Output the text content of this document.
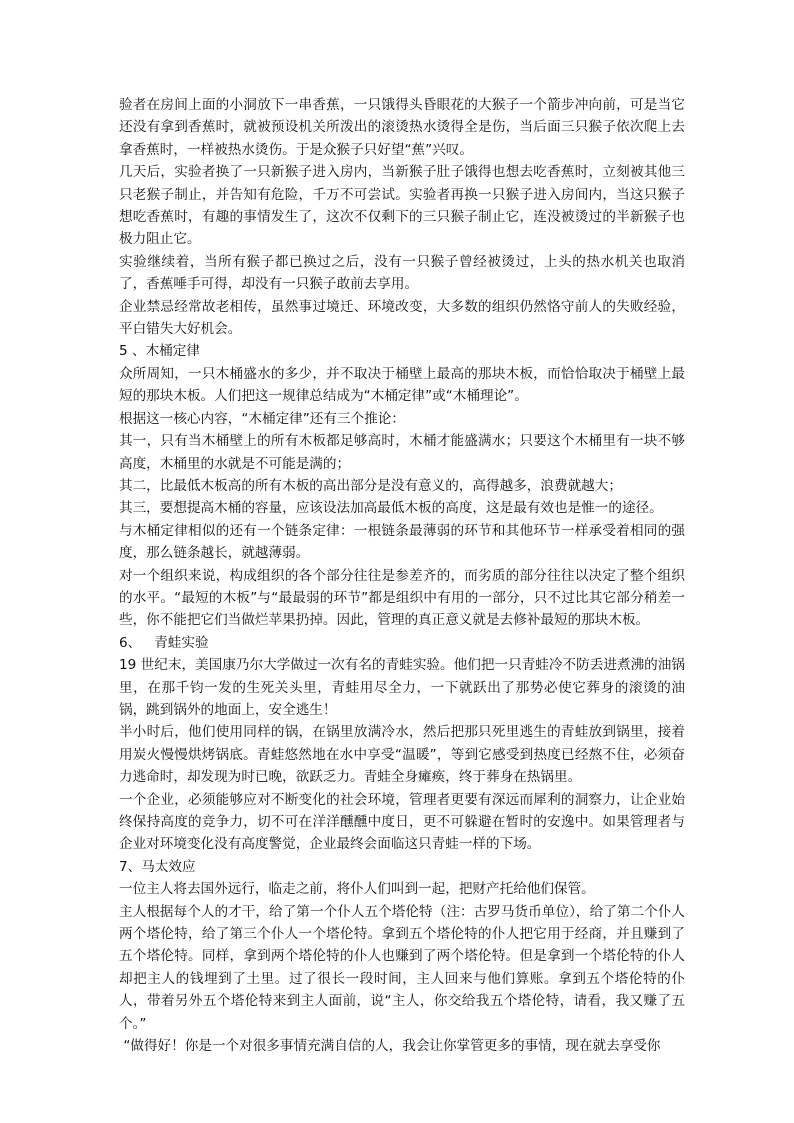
验者在房间上面的小洞放下一串香蕉，一只饿得头昏眼花的大猴子一个箭步冲向前，可是当它还没有拿到香蕉时，就被预设机关所泼出的滚烫热水烫得全是伤，当后面三只猴子依次爬上去拿香蕉时，一样被热水烫伤。于是众猴子只好望“蕉”兴叹。

几天后，实验者换了一只新猴子进入房内，当新猴子肚子饿得也想去吃香蕉时，立刻被其他三只老猴子制止，并告知有危险，千万不可尝试。实验者再换一只猴子进入房间内，当这只猴子想吃香蕉时，有趣的事情发生了，这次不仅剩下的三只猴子制止它，连没被烫过的半新猴子也极力阻止它。

实验继续着，当所有猴子都已换过之后，没有一只猴子曾经被烫过，上头的热水机关也取消了，香蕉唾手可得，却没有一只猴子敢前去享用。

企业禁忌经常故老相传，虽然事过境迁、环境改变，大多数的组织仍然恪守前人的失败经验，平白错失大好机会。

5 、木桶定律

众所周知，一只木桶盛水的多少，并不取决于桶壁上最高的那块木板，而恰恰取决于桶壁上最短的那块木板。人们把这一规律总结成为“木桶定律”或“木桶理论”。

根据这一核心内容，“木桶定律”还有三个推论：

其一，只有当木桶壁上的所有木板都足够高时，木桶才能盛满水；只要这个木桶里有一块不够高度，木桶里的水就是不可能是满的；

其二，比最低木板高的所有木板的高出部分是没有意义的，高得越多，浪费就越大；

其三，要想提高木桶的容量，应该设法加高最低木板的高度，这是最有效也是惟一的途径。

与木桶定律相似的还有一个链条定律：一根链条最薄弱的环节和其他环节一样承受着相同的强度，那么链条越长，就越薄弱。

对一个组织来说，构成组织的各个部分往往是参差齐的，而劣质的部分往往以决定了整个组织的水平。“最短的木板”与“最最弱的环节”都是组织中有用的一部分，只不过比其它部分稍差一些，你不能把它们当做烂苹果扔掉。因此，管理的真正意义就是去修补最短的那块木板。

6、   青蛙实验

19 世纪末，美国康乃尔大学做过一次有名的青蛙实验。他们把一只青蛙冷不防丢进煮沸的油锅里，在那千钧一发的生死关头里，青蛙用尽全力，一下就跃出了那势必使它葬身的滚烫的油锅，跳到锅外的地面上，安全逃生！

半小时后，他们使用同样的锅，在锅里放满冷水，然后把那只死里逃生的青蛙放到锅里，接着用炭火慢慢烘烤锅底。青蛙悠然地在水中享受“温暖”，等到它感受到热度已经熬不住，必须奋力逃命时，却发现为时已晚，欲跃乏力。青蛙全身瘫痪，终于葬身在热锅里。

一个企业，必须能够应对不断变化的社会环境，管理者更要有深远而犀利的洞察力，让企业始终保持高度的竞争力，切不可在洋洋醺醺中度日，更不可躲避在暂时的安逸中。如果管理者与企业对环境变化没有高度警觉，企业最终会面临这只青蛙一样的下场。

7、马太效应

一位主人将去国外远行，临走之前，将仆人们叫到一起，把财产托给他们保管。

主人根据每个人的才干，给了第一个仆人五个塔伦特（注：古罗马货币单位），给了第二个仆人两个塔伦特，给了第三个仆人一个塔伦特。拿到五个塔伦特的仆人把它用于经商，并且赚到了五个塔伦特。同样，拿到两个塔伦特的仆人也赚到了两个塔伦特。但是拿到一个塔伦特的仆人却把主人的钱埋到了土里。过了很长一段时间，主人回来与他们算账。拿到五个塔伦特的仆人，带着另外五个塔伦特来到主人面前，说“主人，你交给我五个塔伦特，请看，我又赚了五个。”

“做得好！你是一个对很多事情充满自信的人，我会让你掌管更多的事情，现在就去享受你
